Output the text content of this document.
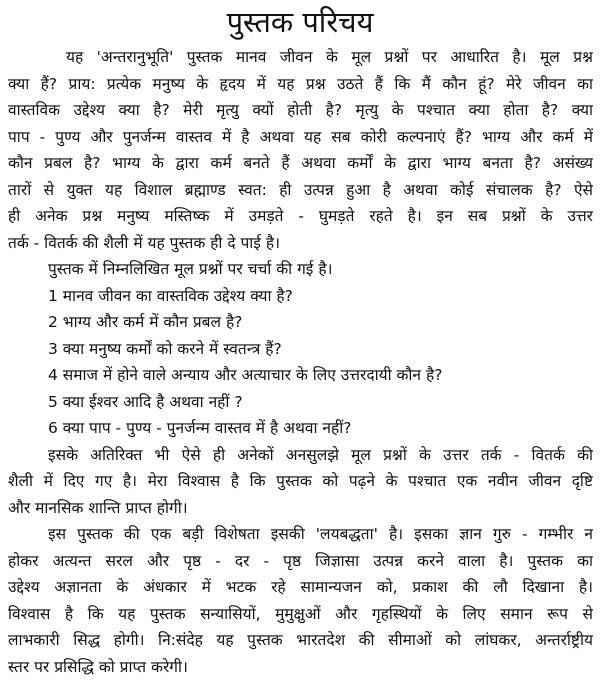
पुस्तक परिचय
यह 'अन्तरानुभूति' पुस्तक मानव जीवन के मूल प्रश्नों पर आधारित है। मूल प्रश्न
क्या हैं? प्राय: प्रत्येक मनुष्य के हृदय में यह प्रश्न उठते हैं कि मैं कौन हूं? मेरे जीवन का
वास्तविक उद्देश्य क्या है? मेरी मृत्यु क्यों होती है? मृत्यु के पश्चात क्या होता है? क्या
पाप - पुण्य और पुनर्जन्म वास्तव में है अथवा यह सब कोरी कल्पनाएं हैं? भाग्य और कर्म में
कौन प्रबल है? भाग्य के द्वारा कर्म बनते हैं अथवा कर्मों के द्वारा भाग्य बनता है? असंख्य
तारों से युक्त यह विशाल ब्रह्माण्ड स्वत: ही उत्पन्न हुआ है अथवा कोई संचालक है? ऐसे
ही अनेक प्रश्न मनुष्य मस्तिष्क में उमड़ते - घुमड़ते रहते है। इन सब प्रश्नों के उत्तर
तर्क - वितर्क की शैली में यह पुस्तक ही दे पाई है।
पुस्तक में निम्नलिखित मूल प्रश्नों पर चर्चा की गई है।
1 मानव जीवन का वास्तविक उद्देश्य क्या है?
2 भाग्य और कर्म में कौन प्रबल है?
3 क्या मनुष्य कर्मों को करने में स्वतन्त्र हैं?
4 समाज में होने वाले अन्याय और अत्याचार के लिए उत्तरदायी कौन है?
5 क्या ईश्वर आदि है अथवा नहीं ?
6 क्या पाप - पुण्य - पुनर्जन्म वास्तव में है अथवा नहीं?
इसके अतिरिक्त भी ऐसे ही अनेकों अनसुलझे मूल प्रश्नों के उत्तर तर्क - वितर्क की
शैली में दिए गए है। मेरा विश्वास है कि पुस्तक को पढ़ने के पश्चात एक नवीन जीवन दृष्टि
और मानसिक शान्ति प्राप्त होगी।
इस पुस्तक की एक बड़ी विशेषता इसकी 'लयबद्धता' है। इसका ज्ञान गुरु - गम्भीर न
होकर अत्यन्त सरल और पृष्ठ - दर - पृष्ठ जिज्ञासा उत्पन्न करने वाला है। पुस्तक का
उद्देश्य अज्ञानता के अंधकार में भटक रहे सामान्यजन को, प्रकाश की लौ दिखाना है।
विश्वास है कि यह पुस्तक सन्यासियों, मुमुक्षुओं और गृहस्थियों के लिए समान रूप से
लाभकारी सिद्ध होगी। नि:संदेह यह पुस्तक भारतदेश की सीमाओं को लांघकर, अन्तर्राष्ट्रीय
स्तर पर प्रसिद्धि को प्राप्त करेगी।
